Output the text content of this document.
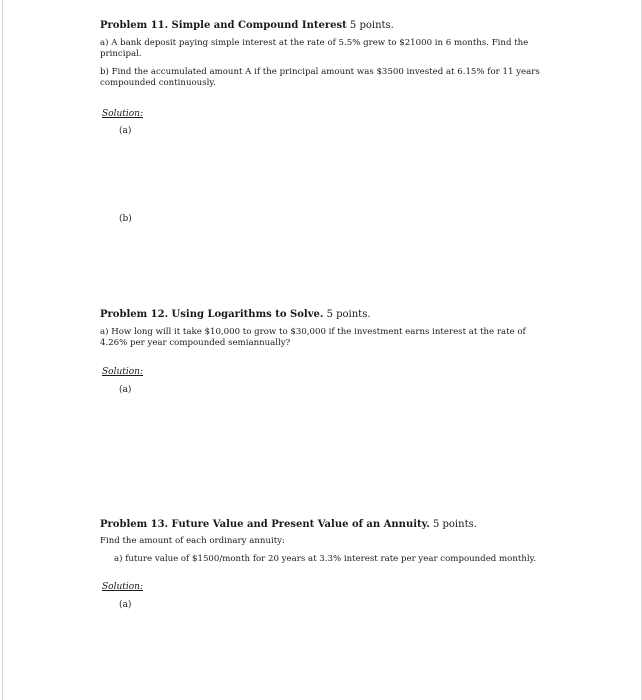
Problem 11. Simple and Compound Interest 5 points.

a) A bank deposit paying simple interest at the rate of 5.5% grew to $21000 in 6 months. Find the principal.

b) Find the accumulated amount A if the principal amount was $3500 invested at 6.15% for 11 years compounded continuously.

Solution:

(a)

(b)

Problem 12. Using Logarithms to Solve. 5 points.

a) How long will it take $10,000 to grow to $30,000 if the investment earns interest at the rate of 4.26% per year compounded semiannually?

Solution:

(a)

Problem 13. Future Value and Present Value of an Annuity. 5 points.

Find the amount of each ordinary annuity:

a) future value of $1500/month for 20 years at 3.3% interest rate per year compounded monthly.

Solution:

(a)
